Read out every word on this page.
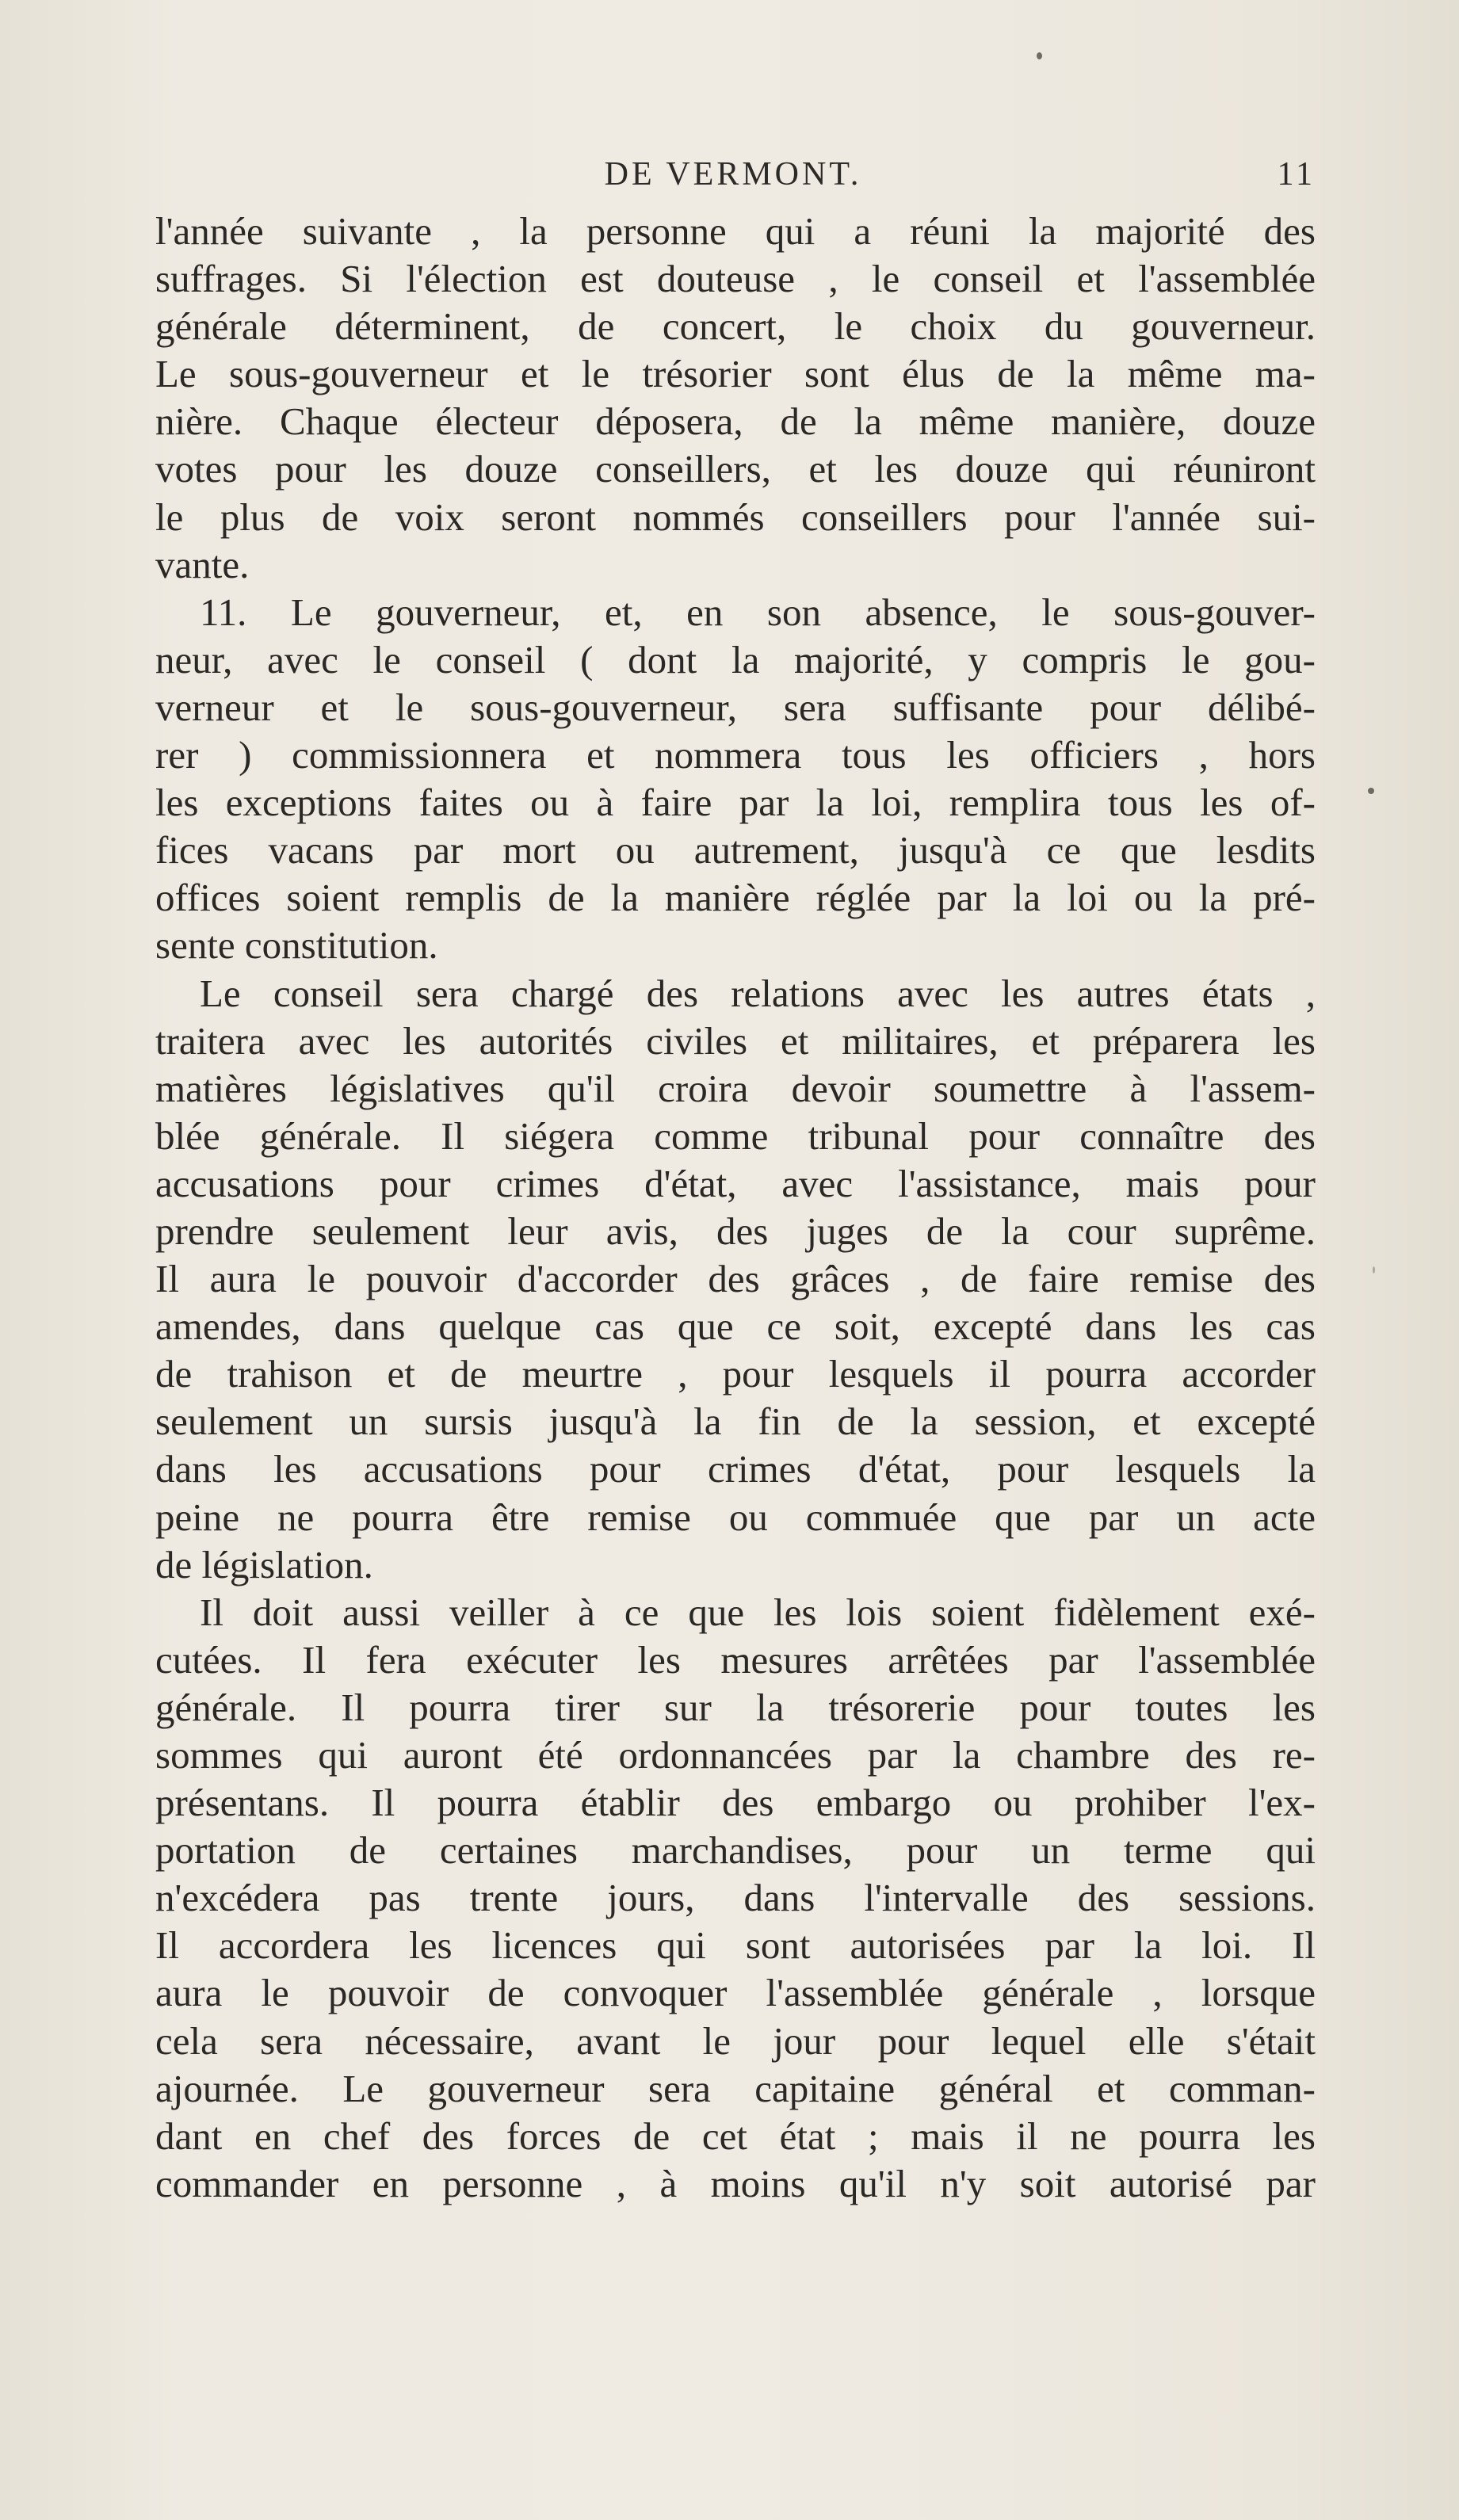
DE VERMONT.	11
l'année suivante , la personne qui a réuni la majorité des
suffrages. Si l'élection est douteuse , le conseil et l'assemblée
générale déterminent, de concert, le choix du gouverneur.
Le sous-gouverneur et le trésorier sont élus de la même ma-
nière. Chaque électeur déposera, de la même manière, douze
votes pour les douze conseillers, et les douze qui réuniront
le plus de voix seront nommés conseillers pour l'année sui-
vante.
11. Le gouverneur, et, en son absence, le sous-gouver-
neur, avec le conseil ( dont la majorité, y compris le gou-
verneur et le sous-gouverneur, sera suffisante pour délibé-
rer ) commissionnera et nommera tous les officiers , hors
les exceptions faites ou à faire par la loi, remplira tous les of-
fices vacans par mort ou autrement, jusqu'à ce que lesdits
offices soient remplis de la manière réglée par la loi ou la pré-
sente constitution.
Le conseil sera chargé des relations avec les autres états ,
traitera avec les autorités civiles et militaires, et préparera les
matières législatives qu'il croira devoir soumettre à l'assem-
blée générale. Il siégera comme tribunal pour connaître des
accusations pour crimes d'état, avec l'assistance, mais pour
prendre seulement leur avis, des juges de la cour suprême.
Il aura le pouvoir d'accorder des grâces , de faire remise des
amendes, dans quelque cas que ce soit, excepté dans les cas
de trahison et de meurtre , pour lesquels il pourra accorder
seulement un sursis jusqu'à la fin de la session, et excepté
dans les accusations pour crimes d'état, pour lesquels la
peine ne pourra être remise ou commuée que par un acte
de législation.
Il doit aussi veiller à ce que les lois soient fidèlement exé-
cutées. Il fera exécuter les mesures arrêtées par l'assemblée
générale. Il pourra tirer sur la trésorerie pour toutes les
sommes qui auront été ordonnancées par la chambre des re-
présentans. Il pourra établir des embargo ou prohiber l'ex-
portation de certaines marchandises, pour un terme qui
n'excédera pas trente jours, dans l'intervalle des sessions.
Il accordera les licences qui sont autorisées par la loi. Il
aura le pouvoir de convoquer l'assemblée générale , lorsque
cela sera nécessaire, avant le jour pour lequel elle s'était
ajournée. Le gouverneur sera capitaine général et comman-
dant en chef des forces de cet état ; mais il ne pourra les
commander en personne , à moins qu'il n'y soit autorisé par
